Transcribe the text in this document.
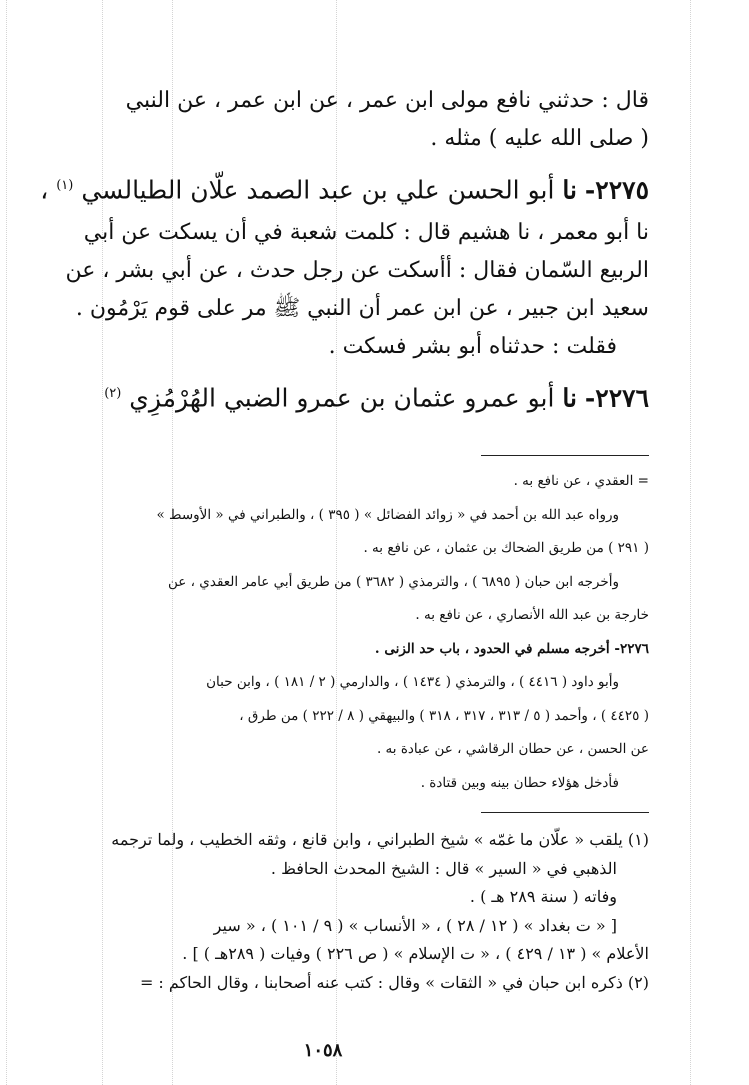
قال : حدثني نافع مولى ابن عمر ، عن ابن عمر ، عن النبي

( صلى الله عليه ) مثله .

٢٢٧٥- نا أبو الحسن علي بن عبد الصمد علّان الطيالسي $^{(١)}$ ،

نا أبو معمر ، نا هشيم قال : كلمت شعبة في أن يسكت عن أبي

الربيع السّمان فقال : أأسكت عن رجل حدث ، عن أبي بشر ، عن

سعيد ابن جبير ، عن ابن عمر أن النبي ﷺ مر على قوم يَرْمُون .

فقلت : حدثناه أبو بشر فسكت .

٢٢٧٦- نا أبو عمرو عثمان بن عمرو الضبي الهُرْمُزِي $^{(٢)}$

= العقدي ، عن نافع به .

ورواه عبد الله بن أحمد في « زوائد الفضائل » ( ٣٩٥ ) ، والطبراني في « الأوسط »

( ٢٩١ ) من طريق الضحاك بن عثمان ، عن نافع به .

وأخرجه ابن حبان ( ٦٨٩٥ ) ، والترمذي ( ٣٦٨٢ ) من طريق أبي عامر العقدي ، عن

خارجة بن عبد الله الأنصاري ، عن نافع به .

٢٢٧٦- أخرجه مسلم في الحدود ، باب حد الزنى .

وأبو داود ( ٤٤١٦ ) ، والترمذي ( ١٤٣٤ ) ، والدارمي ( ٢ / ١٨١ ) ، وابن حبان

( ٤٤٢٥ ) ، وأحمد ( ٥ / ٣١٣ ، ٣١٧ ، ٣١٨ ) والبيهقي ( ٨ / ٢٢٢ ) من طرق ،

عن الحسن ، عن حطان الرقاشي ، عن عبادة به .

فأدخل هؤلاء حطان بينه وبين قتادة .

(١) يلقب « علّان ما غمّه » شيخ الطبراني ، وابن قانع ، وثقه الخطيب ، ولما ترجمه

الذهبي في « السير » قال : الشيخ المحدث الحافظ .

وفاته ( سنة ٢٨٩ هـ ) .

[ « ت بغداد » ( ١٢ / ٢٨ ) ، « الأنساب » ( ٩ / ١٠١ ) ، « سير

الأعلام » ( ١٣ / ٤٢٩ ) ، « ت الإسلام » ( ص ٢٢٦ ) وفيات ( ٢٨٩هـ ) ] .

(٢) ذكره ابن حبان في « الثقات » وقال : كتب عنه أصحابنا ، وقال الحاكم : =

١٠٥٨
